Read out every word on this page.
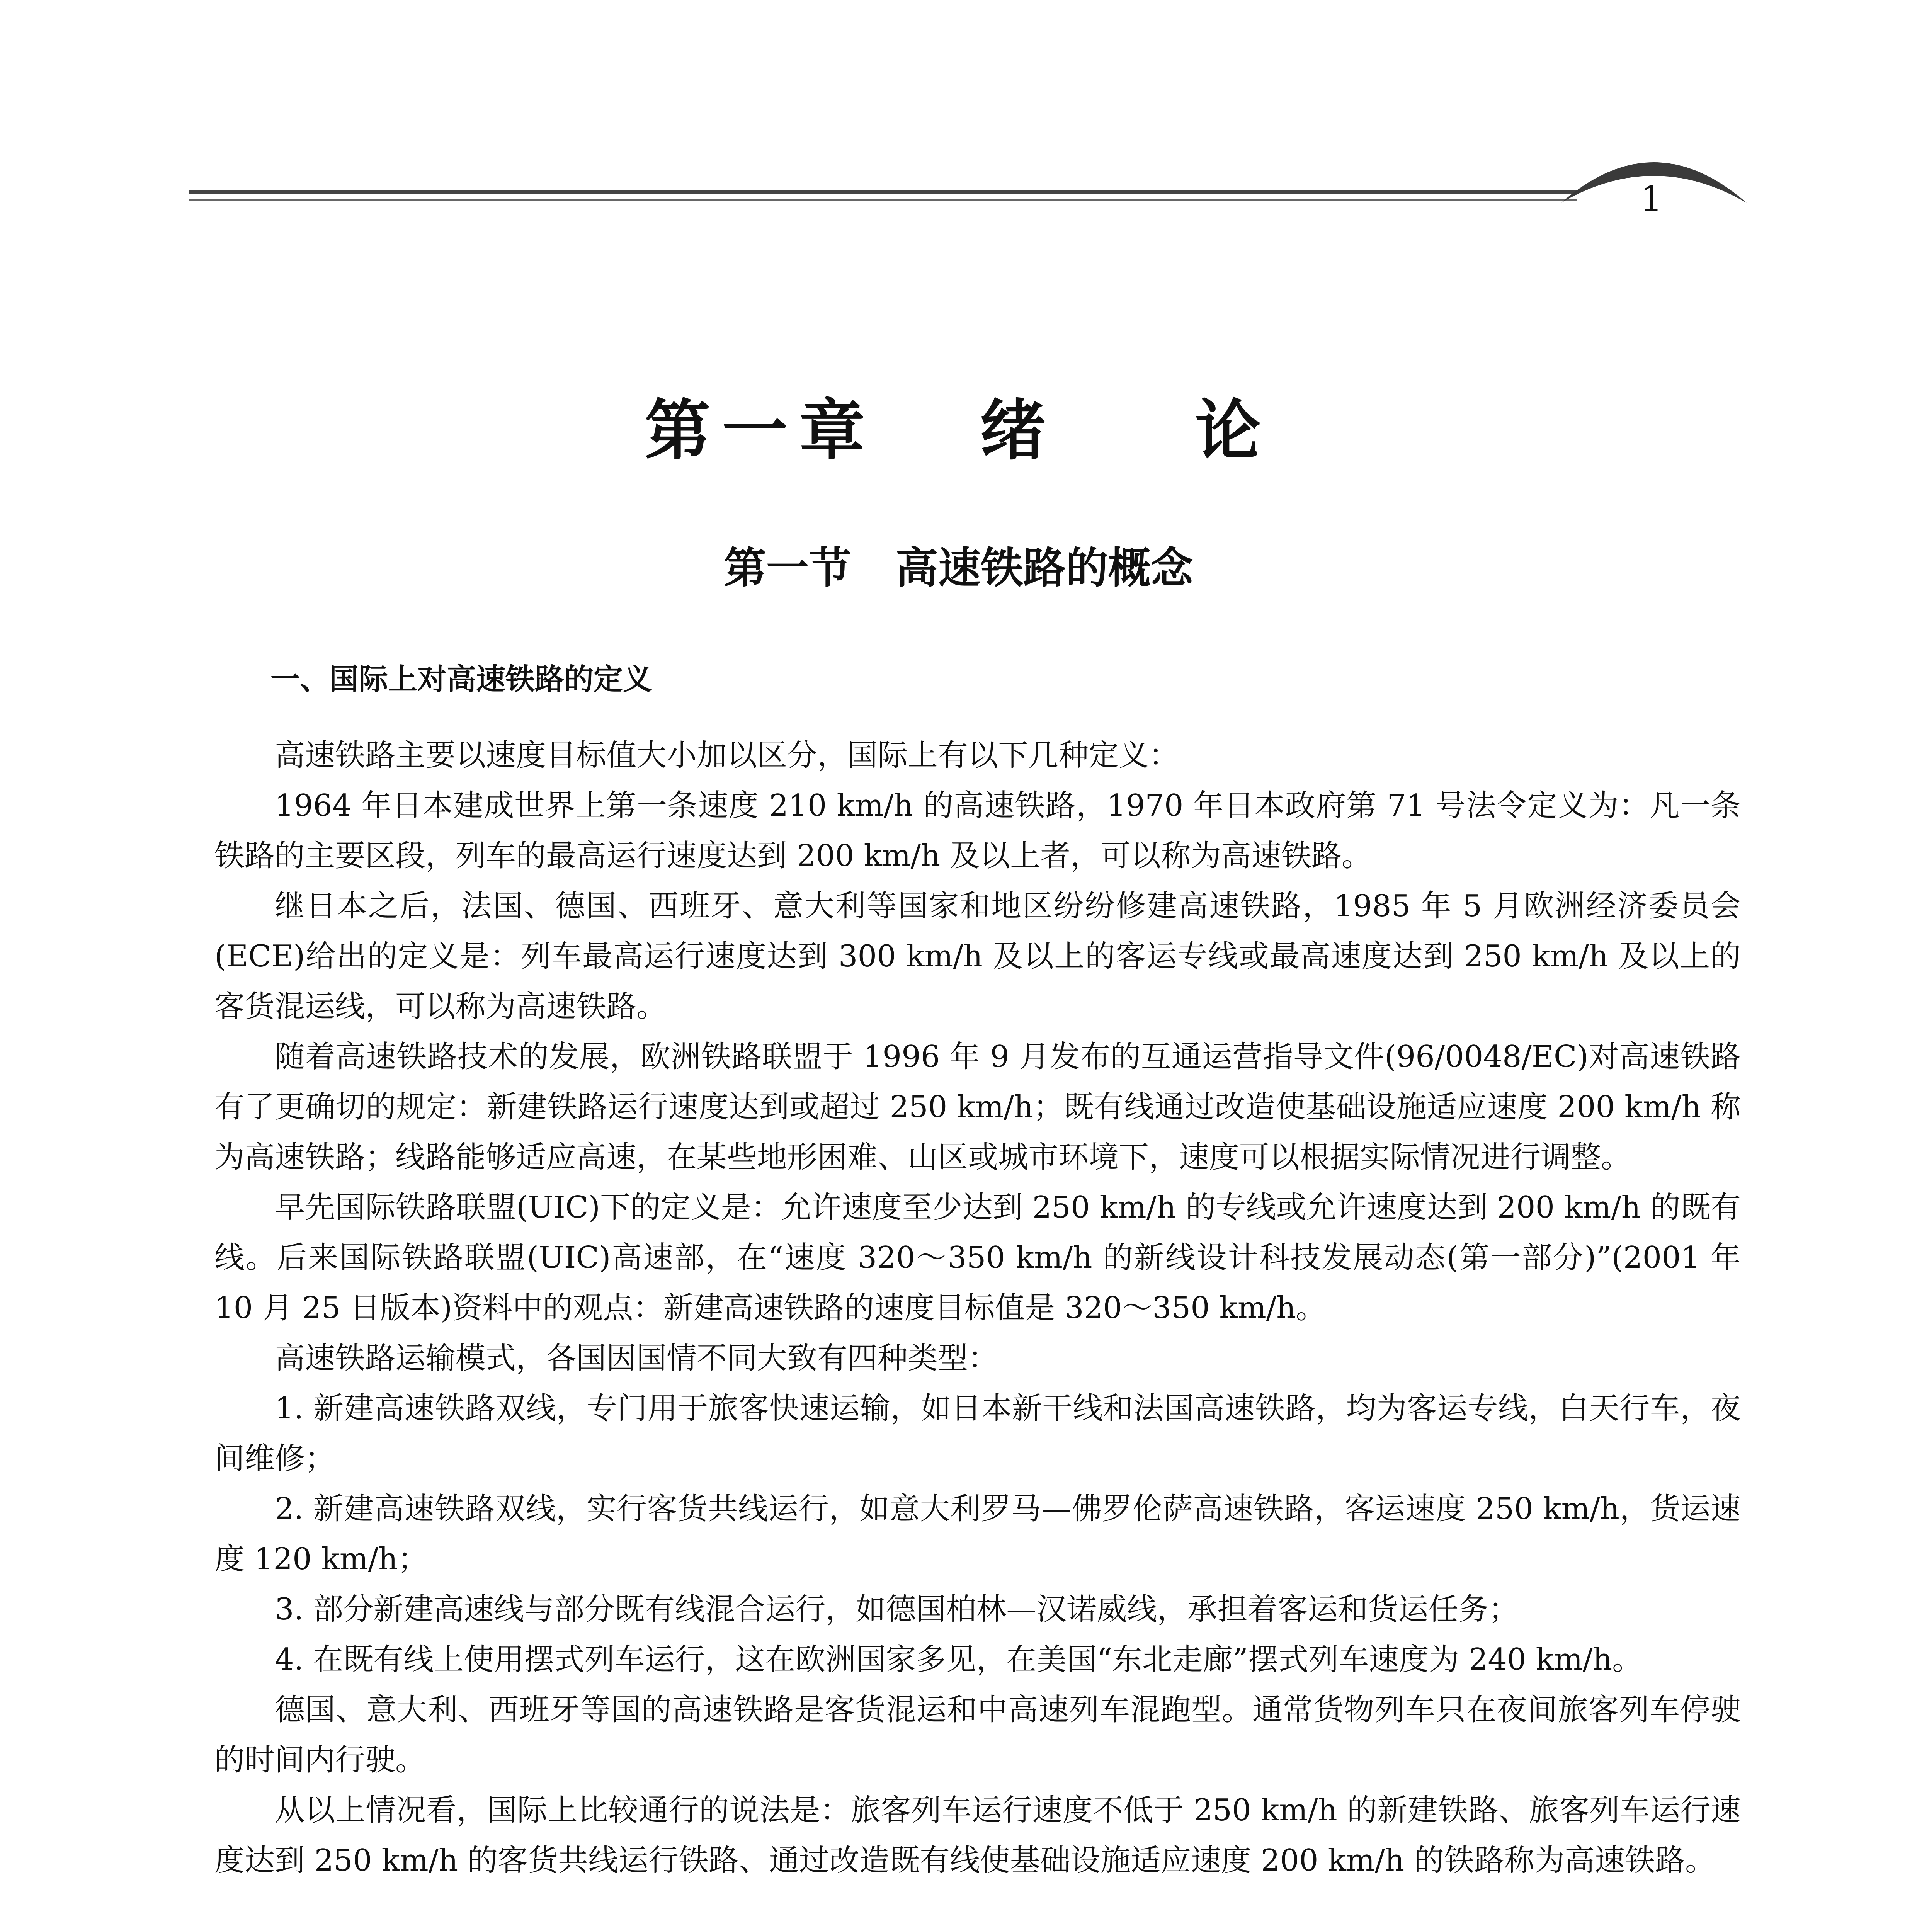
1
第一章   绪    论
第一节   高速铁路的概念
一、国际上对高速铁路的定义

高速铁路主要以速度目标值大小加以区分，国际上有以下几种定义：

1964 年日本建成世界上第一条速度 210 km/h 的高速铁路，1970 年日本政府第 71 号法令定义为：凡一条铁路的主要区段，列车的最高运行速度达到 200 km/h 及以上者，可以称为高速铁路。

继日本之后，法国、德国、西班牙、意大利等国家和地区纷纷修建高速铁路，1985 年 5 月欧洲经济委员会(ECE)给出的定义是：列车最高运行速度达到 300 km/h 及以上的客运专线或最高速度达到 250 km/h 及以上的客货混运线，可以称为高速铁路。

随着高速铁路技术的发展，欧洲铁路联盟于 1996 年 9 月发布的互通运营指导文件(96/0048/EC)对高速铁路有了更确切的规定：新建铁路运行速度达到或超过 250 km/h；既有线通过改造使基础设施适应速度 200 km/h 称为高速铁路；线路能够适应高速，在某些地形困难、山区或城市环境下，速度可以根据实际情况进行调整。

早先国际铁路联盟(UIC)下的定义是：允许速度至少达到 250 km/h 的专线或允许速度达到 200 km/h 的既有线。后来国际铁路联盟(UIC)高速部，在“速度 320～350 km/h 的新线设计科技发展动态(第一部分)”(2001 年 10 月 25 日版本)资料中的观点：新建高速铁路的速度目标值是 320～350 km/h。

高速铁路运输模式，各国因国情不同大致有四种类型：

1. 新建高速铁路双线，专门用于旅客快速运输，如日本新干线和法国高速铁路，均为客运专线，白天行车，夜间维修；

2. 新建高速铁路双线，实行客货共线运行，如意大利罗马—佛罗伦萨高速铁路，客运速度 250 km/h，货运速度 120 km/h；

3. 部分新建高速线与部分既有线混合运行，如德国柏林—汉诺威线，承担着客运和货运任务；

4. 在既有线上使用摆式列车运行，这在欧洲国家多见，在美国“东北走廊”摆式列车速度为 240 km/h。

德国、意大利、西班牙等国的高速铁路是客货混运和中高速列车混跑型。通常货物列车只在夜间旅客列车停驶的时间内行驶。

从以上情况看，国际上比较通行的说法是：旅客列车运行速度不低于 250 km/h 的新建铁路、旅客列车运行速度达到 250 km/h 的客货共线运行铁路、通过改造既有线使基础设施适应速度 200 km/h 的铁路称为高速铁路。
